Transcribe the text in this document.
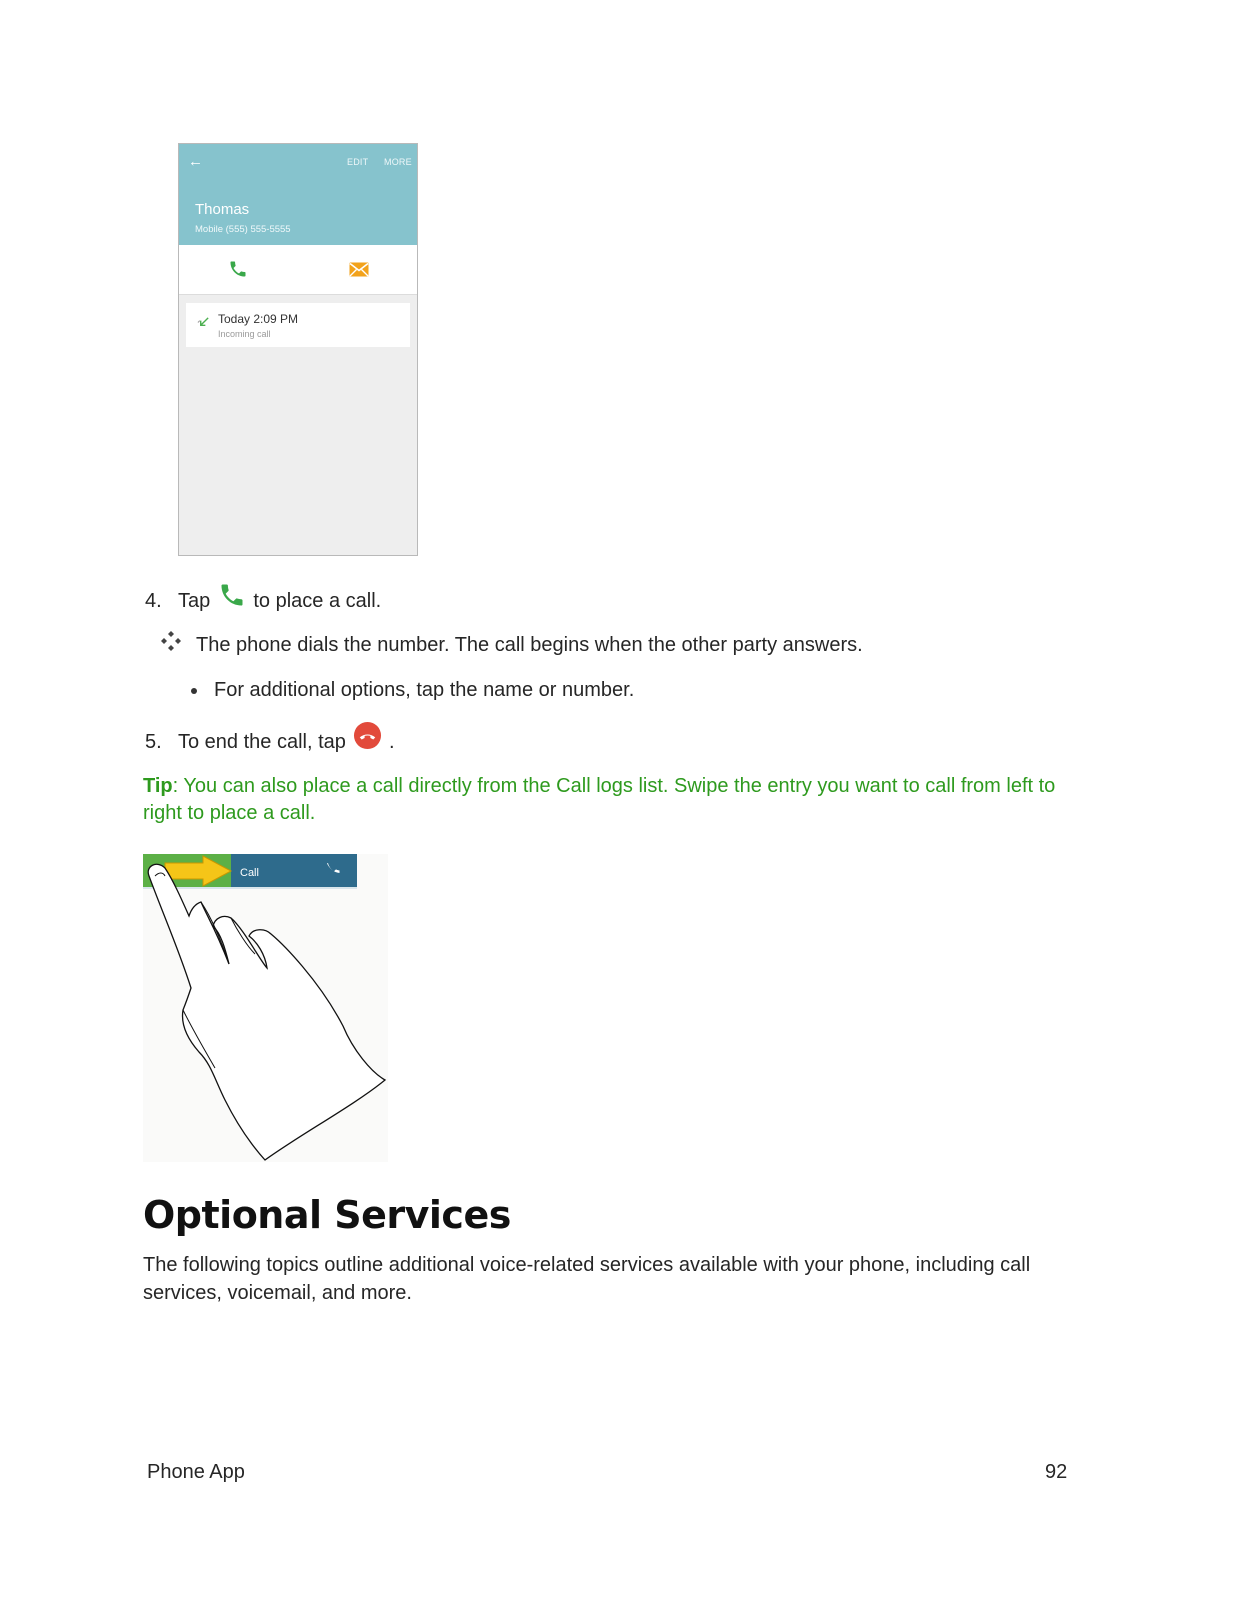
←	EDIT MORE
Thomas
Mobile (555) 555-5555
Today 2:09 PM
Incoming call
4. Tap to place a call.
The phone dials the number. The call begins when the other party answers.
For additional options, tap the name or number.
5. To end the call, tap .
Tip: You can also place a call directly from the Call logs list. Swipe the entry you want to call from left to right to place a call.
Call
Optional Services
The following topics outline additional voice-related services available with your phone, including call services, voicemail, and more.
Phone App	92
